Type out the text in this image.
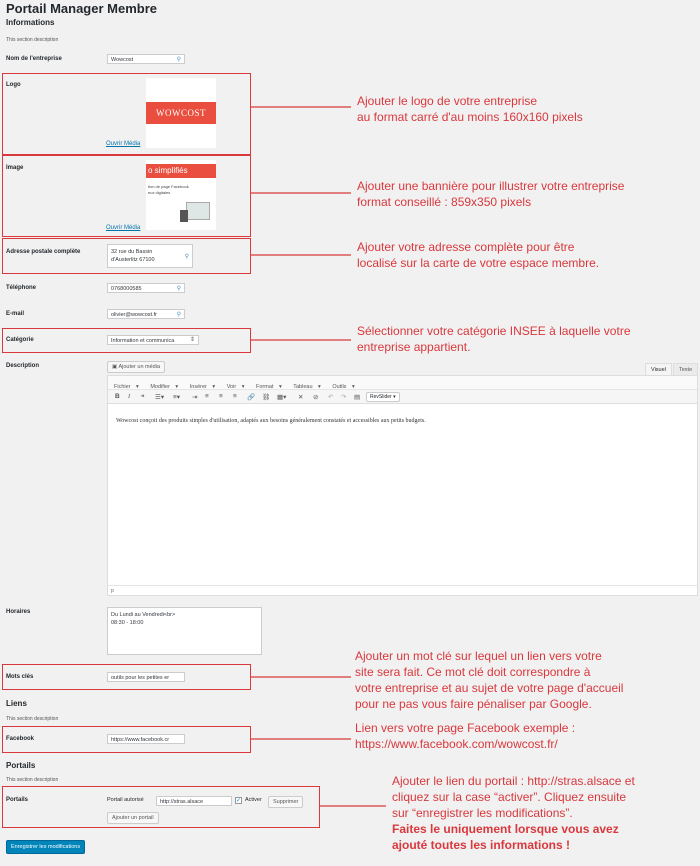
Portail Manager Membre
Informations
This section description
Nom de l'entreprise	Wowcost	⚲
Logo
WOWCOST
Ouvrir Média
Image	o simplifiés
tion de page Facebook
eux digitales
Ouvrir Média
Adresse postale complète	32 rue du Bassin
d'Austerlitz 67100	⚲
Téléphone	0768000585	⚲
E-mail	olivier@wowcost.fr	⚲
Catégorie	Information et communica	⇕
Description	▣ Ajouter un média	Visuel	Texte
Fichier ▾ Modifier ▾ Insérer ▾ Voir ▾ Format ▾ Tableau ▾ Outils ▾
B I ❝ ☰▾ ≡▾ ⇥ ≡ ≡ ≡ 🔗 ⛓ ▦▾ ✕ ⊘ ↶ ↷ ▤	RevSlider ▾
Wowcost conçoit des produits simples d'utilisation, adaptés aux besoins généralement constatés et accessibles aux petits budgets.
p
Horaires	Du Lundi au Vendredi<br>
08:30 - 18:00
Mots clés	outils pour les petites er
Liens
This section description
Facebook	https://www.facebook.cr
Portails
This section description
Portails	Portail autorisé	http://stras.alsace	✓ Activer	Supprimer
Ajouter un portail
Enregistrer les modifications
Ajouter le logo de votre entreprise
au format carré d'au moins 160x160 pixels
Ajouter une bannière pour illustrer votre entreprise
format conseillé : 859x350 pixels
Ajouter votre adresse complète pour être
localisé sur la carte de votre espace membre.
Sélectionner votre catégorie INSEE à laquelle votre
entreprise appartient.
Ajouter un mot clé sur lequel un lien vers votre
site sera fait. Ce mot clé doit correspondre à
votre entreprise et au sujet de votre page d'accueil
pour ne pas vous faire pénaliser par Google.
Lien vers votre page Facebook exemple :
https://www.facebook.com/wowcost.fr/
Ajouter le lien du portail : http://stras.alsace et
cliquez sur la case “activer”. Cliquez ensuite
sur “enregistrer les modifications”.
Faites le uniquement lorsque vous avez
ajouté toutes les informations !
